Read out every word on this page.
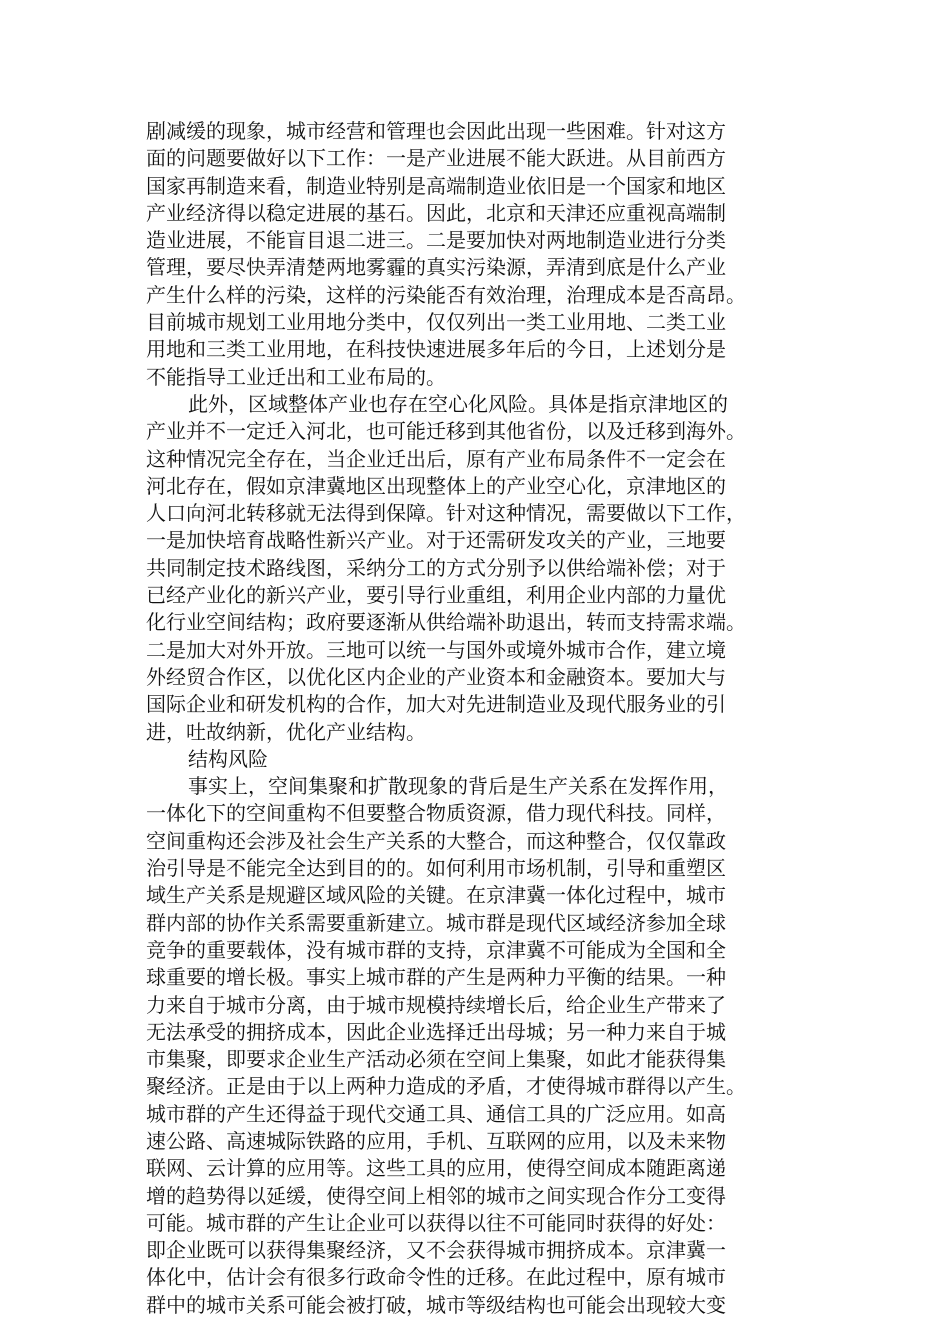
剧减缓的现象，城市经营和管理也会因此出现一些困难。针对这方
面的问题要做好以下工作：一是产业进展不能大跃进。从目前西方
国家再制造来看，制造业特别是高端制造业依旧是一个国家和地区
产业经济得以稳定进展的基石。因此，北京和天津还应重视高端制
造业进展，不能盲目退二进三。二是要加快对两地制造业进行分类
管理，要尽快弄清楚两地雾霾的真实污染源，弄清到底是什么产业
产生什么样的污染，这样的污染能否有效治理，治理成本是否高昂。
目前城市规划工业用地分类中，仅仅列出一类工业用地、二类工业
用地和三类工业用地，在科技快速进展多年后的今日，上述划分是
不能指导工业迁出和工业布局的。
此外，区域整体产业也存在空心化风险。具体是指京津地区的
产业并不一定迁入河北，也可能迁移到其他省份，以及迁移到海外。
这种情况完全存在，当企业迁出后，原有产业布局条件不一定会在
河北存在，假如京津冀地区出现整体上的产业空心化，京津地区的
人口向河北转移就无法得到保障。针对这种情况，需要做以下工作，
一是加快培育战略性新兴产业。对于还需研发攻关的产业，三地要
共同制定技术路线图，采纳分工的方式分别予以供给端补偿；对于
已经产业化的新兴产业，要引导行业重组，利用企业内部的力量优
化行业空间结构；政府要逐渐从供给端补助退出，转而支持需求端。
二是加大对外开放。三地可以统一与国外或境外城市合作，建立境
外经贸合作区，以优化区内企业的产业资本和金融资本。要加大与
国际企业和研发机构的合作，加大对先进制造业及现代服务业的引
进，吐故纳新，优化产业结构。
结构风险
事实上，空间集聚和扩散现象的背后是生产关系在发挥作用，
一体化下的空间重构不但要整合物质资源，借力现代科技。同样，
空间重构还会涉及社会生产关系的大整合，而这种整合，仅仅靠政
治引导是不能完全达到目的的。如何利用市场机制，引导和重塑区
域生产关系是规避区域风险的关键。在京津冀一体化过程中，城市
群内部的协作关系需要重新建立。城市群是现代区域经济参加全球
竞争的重要载体，没有城市群的支持，京津冀不可能成为全国和全
球重要的增长极。事实上城市群的产生是两种力平衡的结果。一种
力来自于城市分离，由于城市规模持续增长后，给企业生产带来了
无法承受的拥挤成本，因此企业选择迁出母城；另一种力来自于城
市集聚，即要求企业生产活动必须在空间上集聚，如此才能获得集
聚经济。正是由于以上两种力造成的矛盾，才使得城市群得以产生。
城市群的产生还得益于现代交通工具、通信工具的广泛应用。如高
速公路、高速城际铁路的应用，手机、互联网的应用，以及未来物
联网、云计算的应用等。这些工具的应用，使得空间成本随距离递
增的趋势得以延缓，使得空间上相邻的城市之间实现合作分工变得
可能。城市群的产生让企业可以获得以往不可能同时获得的好处：
即企业既可以获得集聚经济，又不会获得城市拥挤成本。京津冀一
体化中，估计会有很多行政命令性的迁移。在此过程中，原有城市
群中的城市关系可能会被打破，城市等级结构也可能会出现较大变
